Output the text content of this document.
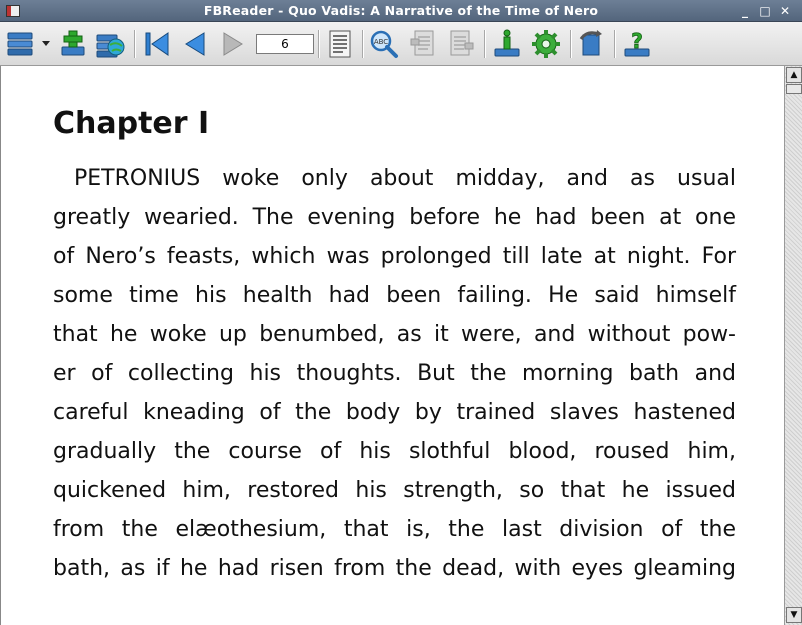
FBReader - Quo Vadis: A Narrative of the Time of Nero	_ □ ✕
6
ABC	?
Chapter I
PETRONIUS woke only about midday, and as usual
greatly wearied. The evening before he had been at one
of Nero’s feasts, which was prolonged till late at night. For
some time his health had been failing. He said himself
that he woke up benumbed, as it were, and without pow-
er of collecting his thoughts. But the morning bath and
careful kneading of the body by trained slaves hastened
gradually the course of his slothful blood, roused him,
quickened him, restored his strength, so that he issued
from the elæothesium, that is, the last division of the
bath, as if he had risen from the dead, with eyes gleaming
▲
▼
